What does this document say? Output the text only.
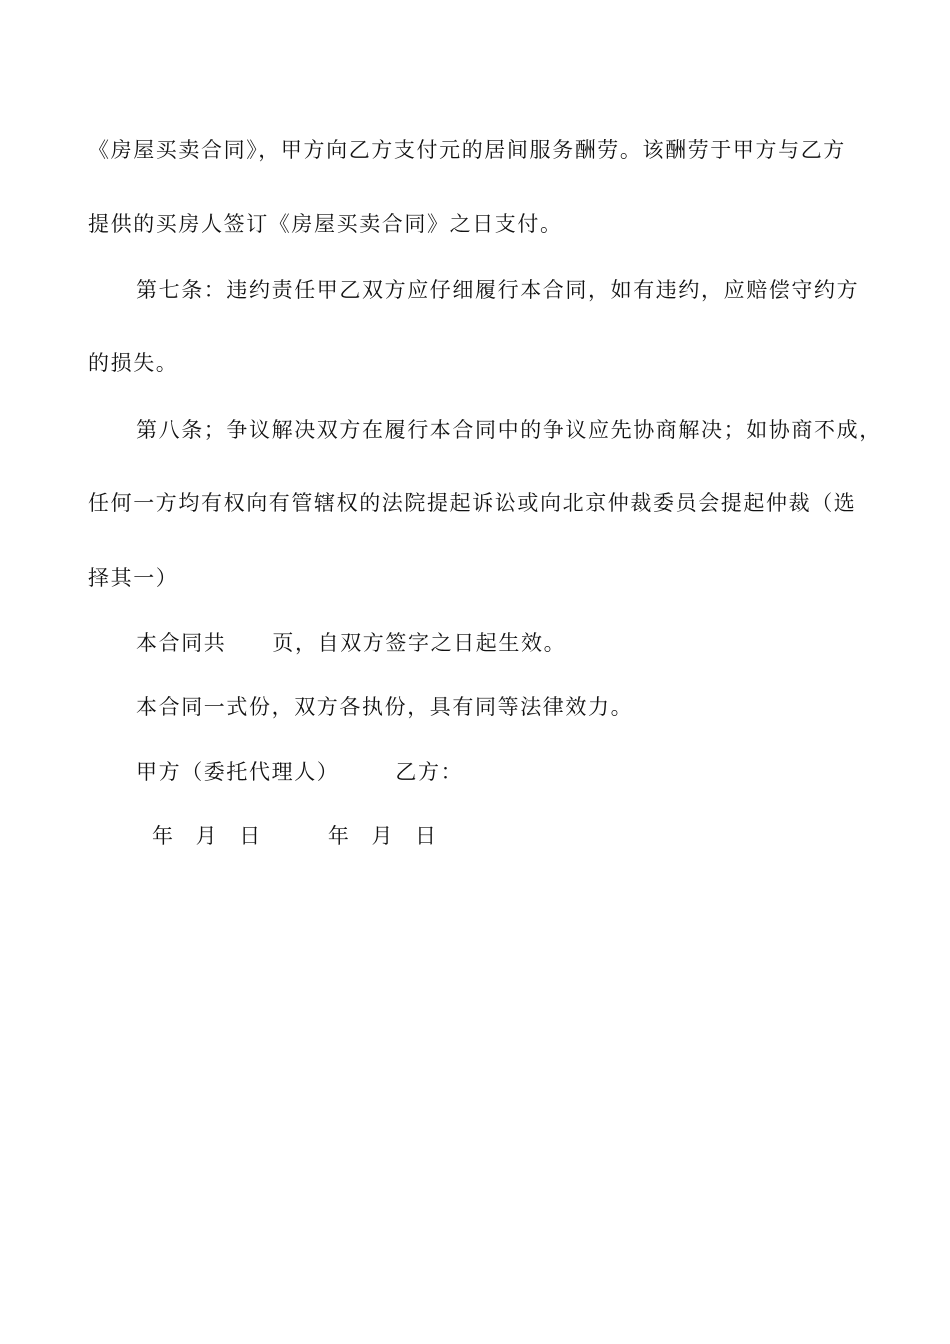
《房屋买卖合同》，甲方向乙方支付元的居间服务酬劳。该酬劳于甲方与乙方
提供的买房人签订《房屋买卖合同》之日支付。
第七条：违约责任甲乙双方应仔细履行本合同，如有违约，应赔偿守约方
的损失。
第八条；争议解决双方在履行本合同中的争议应先协商解决；如协商不成，
任何一方均有权向有管辖权的法院提起诉讼或向北京仲裁委员会提起仲裁（选
择其一）
本合同共 页，自双方签字之日起生效。
本合同一式份，双方各执份，具有同等法律效力。
甲方（委托代理人）	乙方：
年 月 日	年 月 日
